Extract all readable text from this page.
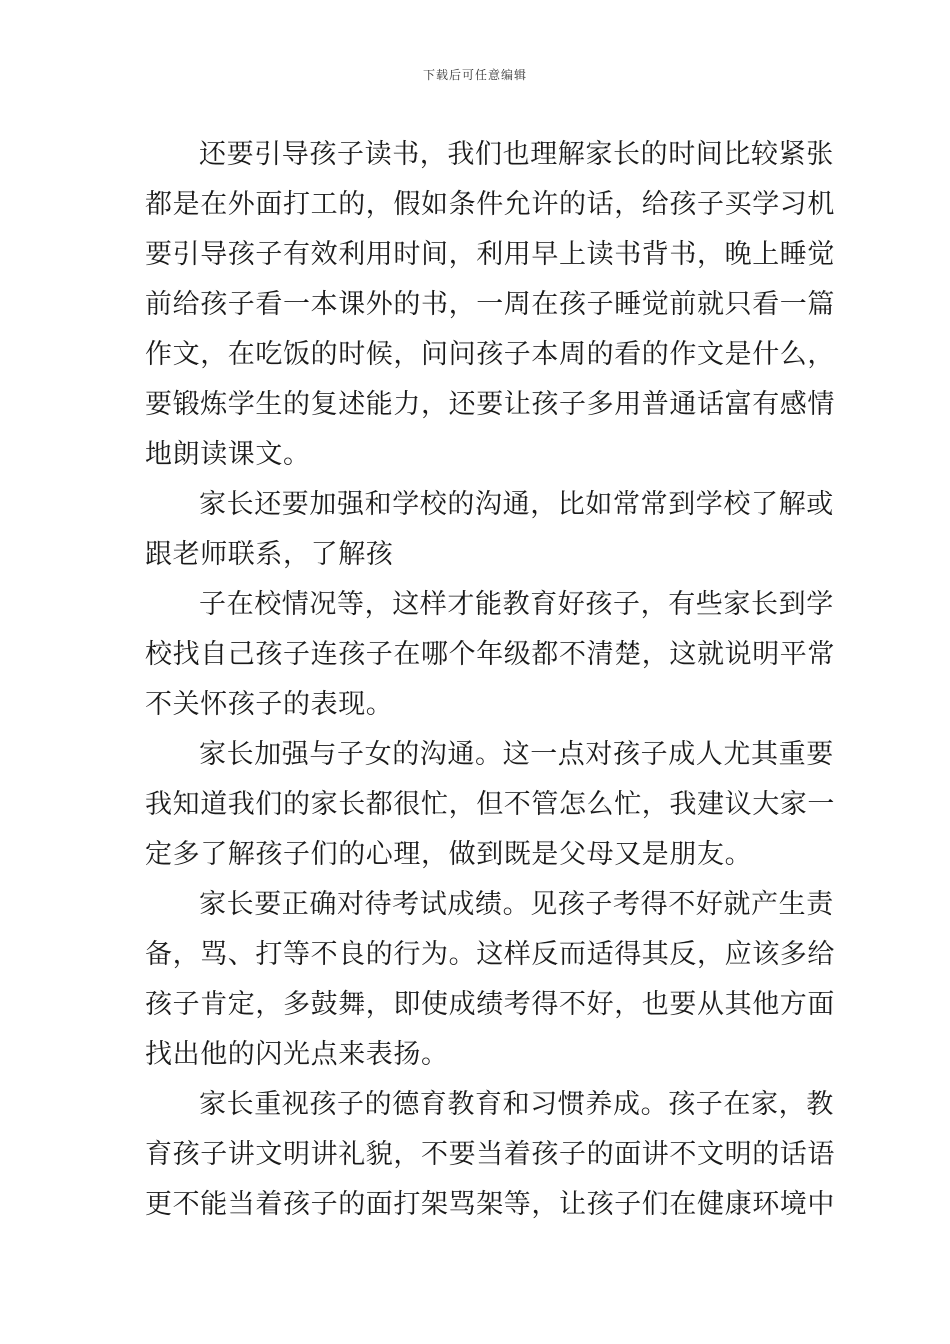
下载后可任意编辑
还要引导孩子读书，我们也理解家长的时间比较紧张
都是在外面打工的，假如条件允许的话，给孩子买学习机
要引导孩子有效利用时间，利用早上读书背书，晚上睡觉
前给孩子看一本课外的书，一周在孩子睡觉前就只看一篇
作文，在吃饭的时候，问问孩子本周的看的作文是什么，
要锻炼学生的复述能力，还要让孩子多用普通话富有感情
地朗读课文。
家长还要加强和学校的沟通，比如常常到学校了解或
跟老师联系，了解孩
子在校情况等，这样才能教育好孩子，有些家长到学
校找自己孩子连孩子在哪个年级都不清楚，这就说明平常
不关怀孩子的表现。
家长加强与子女的沟通。这一点对孩子成人尤其重要
我知道我们的家长都很忙，但不管怎么忙，我建议大家一
定多了解孩子们的心理，做到既是父母又是朋友。
家长要正确对待考试成绩。见孩子考得不好就产生责
备，骂、打等不良的行为。这样反而适得其反，应该多给
孩子肯定，多鼓舞，即使成绩考得不好，也要从其他方面
找出他的闪光点来表扬。
家长重视孩子的德育教育和习惯养成。孩子在家，教
育孩子讲文明讲礼貌，不要当着孩子的面讲不文明的话语
更不能当着孩子的面打架骂架等，让孩子们在健康环境中
